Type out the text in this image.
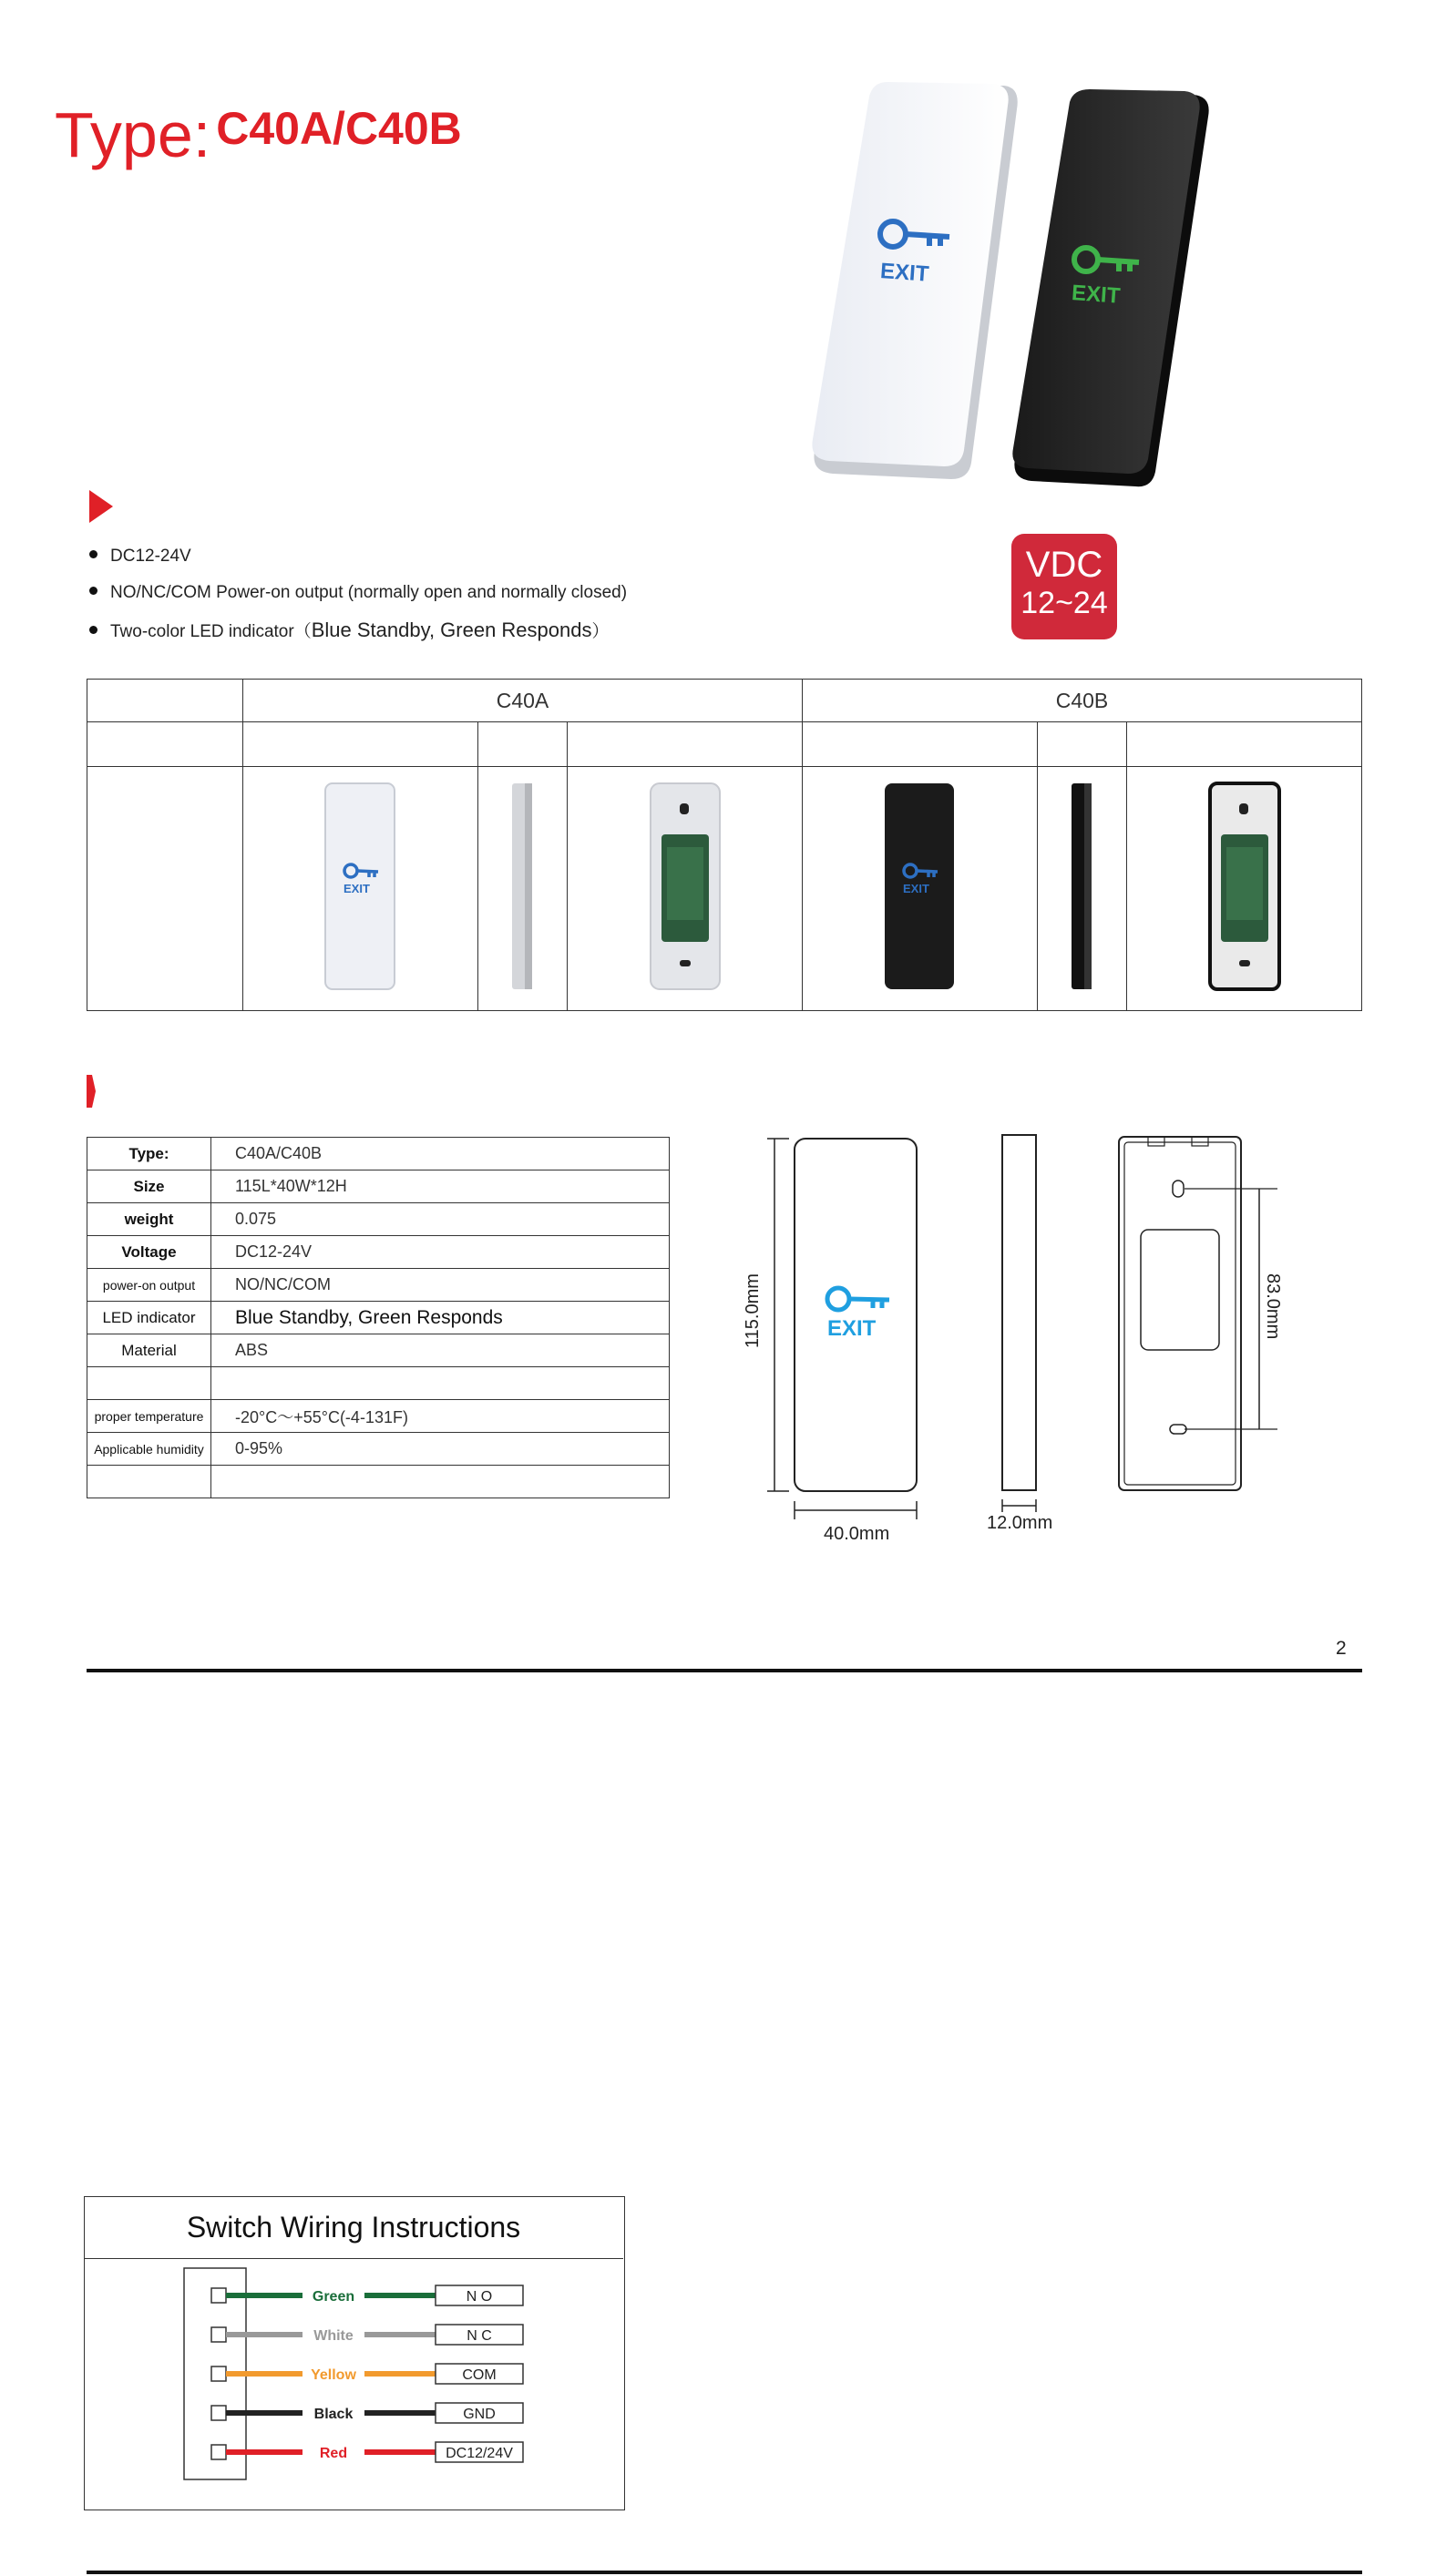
Type: $^{C40A/C40B}$
EXIT
EXIT
DC12-24V
NO/NC/COM Power-on output (normally open and normally closed)
Two-color LED indicator（Blue Standby, Green Responds）
VDC
12~24
	C40A			C40B		

EXIT			EXIT

Type:	C40A/C40B
Size	115L*40W*12H
weight	0.075
Voltage	DC12-24V
power-on output	NO/NC/COM
LED indicator	Blue Standby, Green Responds
Material	ABS

proper temperature	-20°C～+55°C(-4-131F)
Applicable humidity	0-95%

EXIT
115.0mm
40.0mm
12.0mm
83.0mm
2
Switch Wiring Instructions
Green	N O
White	N C
Yellow	COM
Black	GND
Red	DC12/24V
